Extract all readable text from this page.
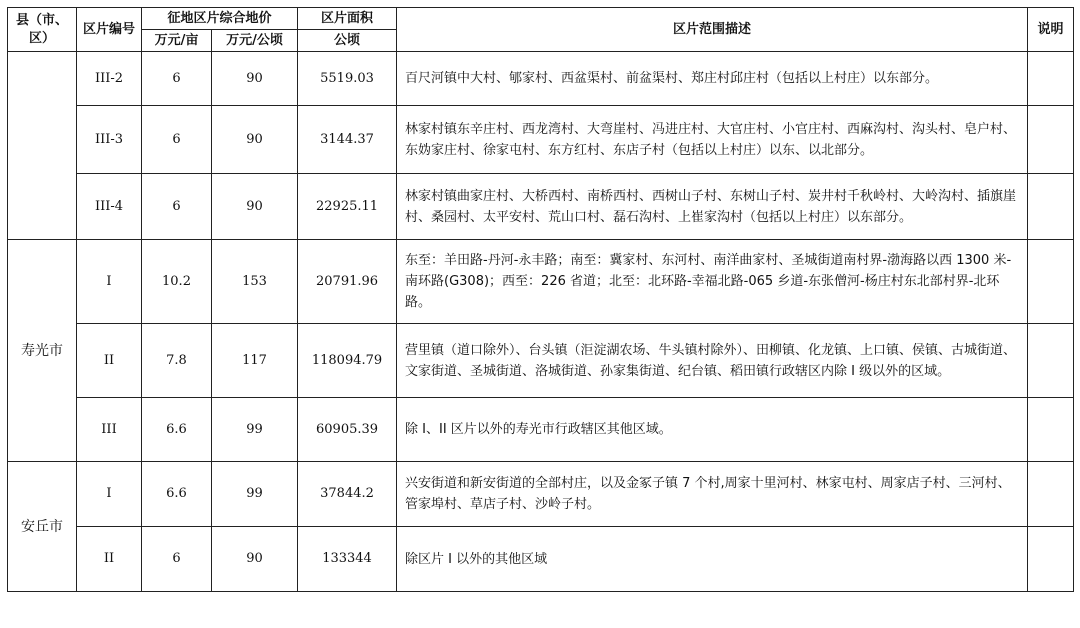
县（市、区）	区片编号	征地区片综合地价		区片面积	区片范围描述	说明
		万元/亩	万元/公顷	公顷		
	III-2	6	90	5519.03	百尺河镇中大村、郇家村、西盆渠村、前盆渠村、郑庄村邱庄村（包括以上村庄）以东部分。	
	III-3	6	90	3144.37	林家村镇东辛庄村、西龙湾村、大弯崖村、冯进庄村、大官庄村、小官庄村、西麻沟村、沟头村、皂户村、东妫家庄村、徐家屯村、东方红村、东店子村（包括以上村庄）以东、以北部分。	
	III-4	6	90	22925.11	林家村镇曲家庄村、大桥西村、南桥西村、西树山子村、东树山子村、炭井村千秋岭村、大岭沟村、插旗崖村、桑园村、太平安村、荒山口村、磊石沟村、上崔家沟村（包括以上村庄）以东部分。	
寿光市	I	10.2	153	20791.96	东至：羊田路-丹河-永丰路；南至：冀家村、东河村、南洋曲家村、圣城街道南村界-渤海路以西 1300 米-南环路(G308)；西至：226 省道；北至：北环路-幸福北路-065 乡道-东张僧河-杨庄村东北部村界-北环路。	
	II	7.8	117	118094.79	营里镇（道口除外）、台头镇（洰淀湖农场、牛头镇村除外）、田柳镇、化龙镇、上口镇、侯镇、古城街道、文家街道、圣城街道、洛城街道、孙家集街道、纪台镇、稻田镇行政辖区内除 I 级以外的区域。	
	III	6.6	99	60905.39	除 I、II 区片以外的寿光市行政辖区其他区域。	
安丘市	I	6.6	99	37844.2	兴安街道和新安街道的全部村庄，以及金冢子镇 7 个村,周家十里河村、林家屯村、周家店子村、三河村、管家埠村、草店子村、沙岭子村。	
	II	6	90	133344	除区片 I 以外的其他区域	
